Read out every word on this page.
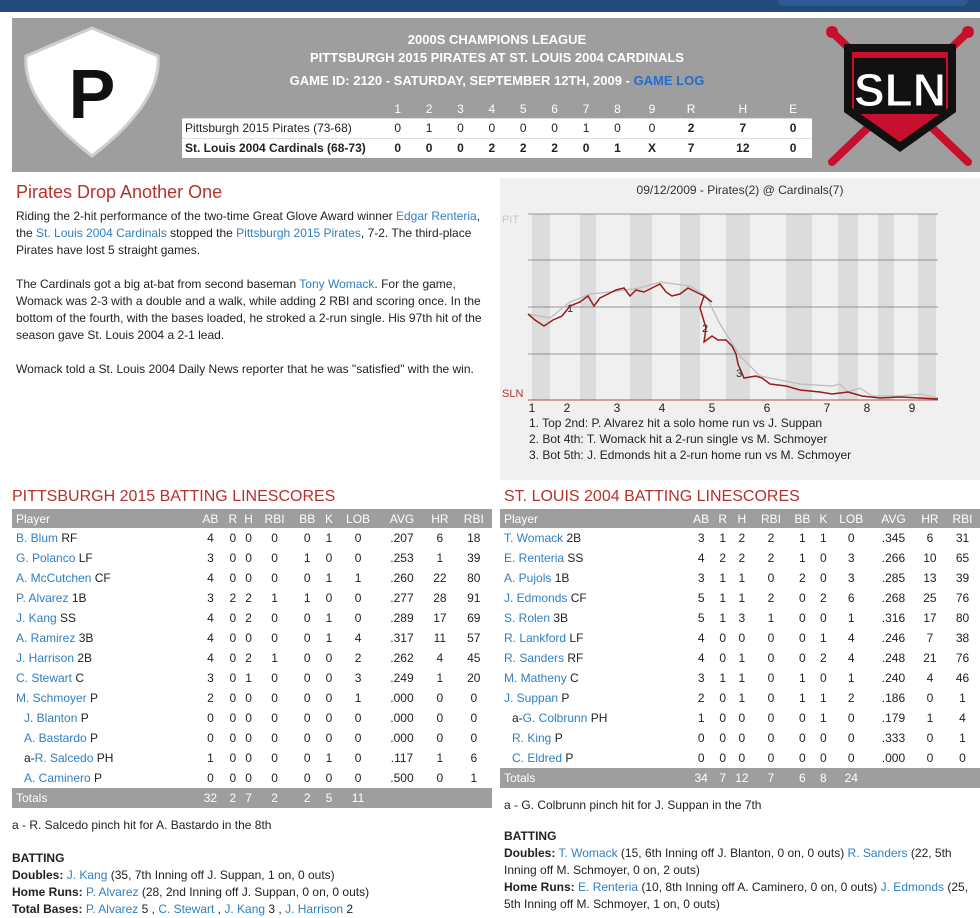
P
2000S CHAMPIONS LEAGUE
PITTSBURGH 2015 PIRATES AT ST. LOUIS 2004 CARDINALS
GAME ID: 2120 - SATURDAY, SEPTEMBER 12TH, 2009 - GAME LOG
	1	2	3	4	5	6	7	8	9	R	H	E
Pittsburgh 2015 Pirates (73-68)	0	1	0	0	0	0	1	0	0	2	7	0
St. Louis 2004 Cardinals (68-73)	0	0	0	2	2	2	0	1	X	7	12	0
SLN
Pirates Drop Another One

Riding the 2-hit performance of the two-time Great Glove Award winner Edgar Renteria, the St. Louis 2004 Cardinals stopped the Pittsburgh 2015 Pirates, 7-2. The third-place Pirates have lost 5 straight games.

The Cardinals got a big at-bat from second baseman Tony Womack. For the game, Womack was 2-3 with a double and a walk, while adding 2 RBI and scoring once. In the bottom of the fourth, with the bases loaded, he stroked a 2-run single. His 97th hit of the season gave St. Louis 2004 a 2-1 lead.

Womack told a St. Louis 2004 Daily News reporter that he was "satisfied" with the win.

09/12/2009 - Pirates(2) @ Cardinals(7)
PIT
SLN
1
2
3
1 2	3	4	5	6	7	8	9
1. Top 2nd: P. Alvarez hit a solo home run vs J. Suppan
2. Bot 4th: T. Womack hit a 2-run single vs M. Schmoyer
3. Bot 5th: J. Edmonds hit a 2-run home run vs M. Schmoyer
PITTSBURGH 2015 BATTING LINESCORES
Player	AB	R	H	RBI	BB	K	LOB	AVG	HR	RBI
B. Blum RF	4	0	0	0	0	1	0	.207	6	18
G. Polanco LF	3	0	0	0	1	0	0	.253	1	39
A. McCutchen CF	4	0	0	0	0	1	1	.260	22	80
P. Alvarez 1B	3	2	2	1	1	0	0	.277	28	91
J. Kang SS	4	0	2	0	0	1	0	.289	17	69
A. Ramirez 3B	4	0	0	0	0	1	4	.317	11	57
J. Harrison 2B	4	0	2	1	0	0	2	.262	4	45
C. Stewart C	3	0	1	0	0	0	3	.249	1	20
M. Schmoyer P	2	0	0	0	0	0	1	.000	0	0
J. Blanton P	0	0	0	0	0	0	0	.000	0	0
A. Bastardo P	0	0	0	0	0	0	0	.000	0	0
a-R. Salcedo PH	1	0	0	0	0	1	0	.117	1	6
A. Caminero P	0	0	0	0	0	0	0	.500	0	1
Totals	32	2	7	2	2	5	11			
a - R. Salcedo pinch hit for A. Bastardo in the 8th
BATTING
Doubles: J. Kang (35, 7th Inning off J. Suppan, 1 on, 0 outs)
Home Runs: P. Alvarez (28, 2nd Inning off J. Suppan, 0 on, 0 outs)
Total Bases: P. Alvarez 5 , C. Stewart , J. Kang 3 , J. Harrison 2
ST. LOUIS 2004 BATTING LINESCORES
Player	AB	R	H	RBI	BB	K	LOB	AVG	HR	RBI
T. Womack 2B	3	1	2	2	1	1	0	.345	6	31
E. Renteria SS	4	2	2	2	1	0	3	.266	10	65
A. Pujols 1B	3	1	1	0	2	0	3	.285	13	39
J. Edmonds CF	5	1	1	2	0	2	6	.268	25	76
S. Rolen 3B	5	1	3	1	0	0	1	.316	17	80
R. Lankford LF	4	0	0	0	0	1	4	.246	7	38
R. Sanders RF	4	0	1	0	0	2	4	.248	21	76
M. Matheny C	3	1	1	0	1	0	1	.240	4	46
J. Suppan P	2	0	1	0	1	1	2	.186	0	1
a-G. Colbrunn PH	1	0	0	0	0	1	0	.179	1	4
R. King P	0	0	0	0	0	0	0	.333	0	1
C. Eldred P	0	0	0	0	0	0	0	.000	0	0
Totals	34	7	12	7	6	8	24			
a - G. Colbrunn pinch hit for J. Suppan in the 7th
BATTING
Doubles: T. Womack (15, 6th Inning off J. Blanton, 0 on, 0 outs) R. Sanders (22, 5th Inning off M. Schmoyer, 0 on, 2 outs)
Home Runs: E. Renteria (10, 8th Inning off A. Caminero, 0 on, 0 outs) J. Edmonds (25, 5th Inning off M. Schmoyer, 1 on, 0 outs)
